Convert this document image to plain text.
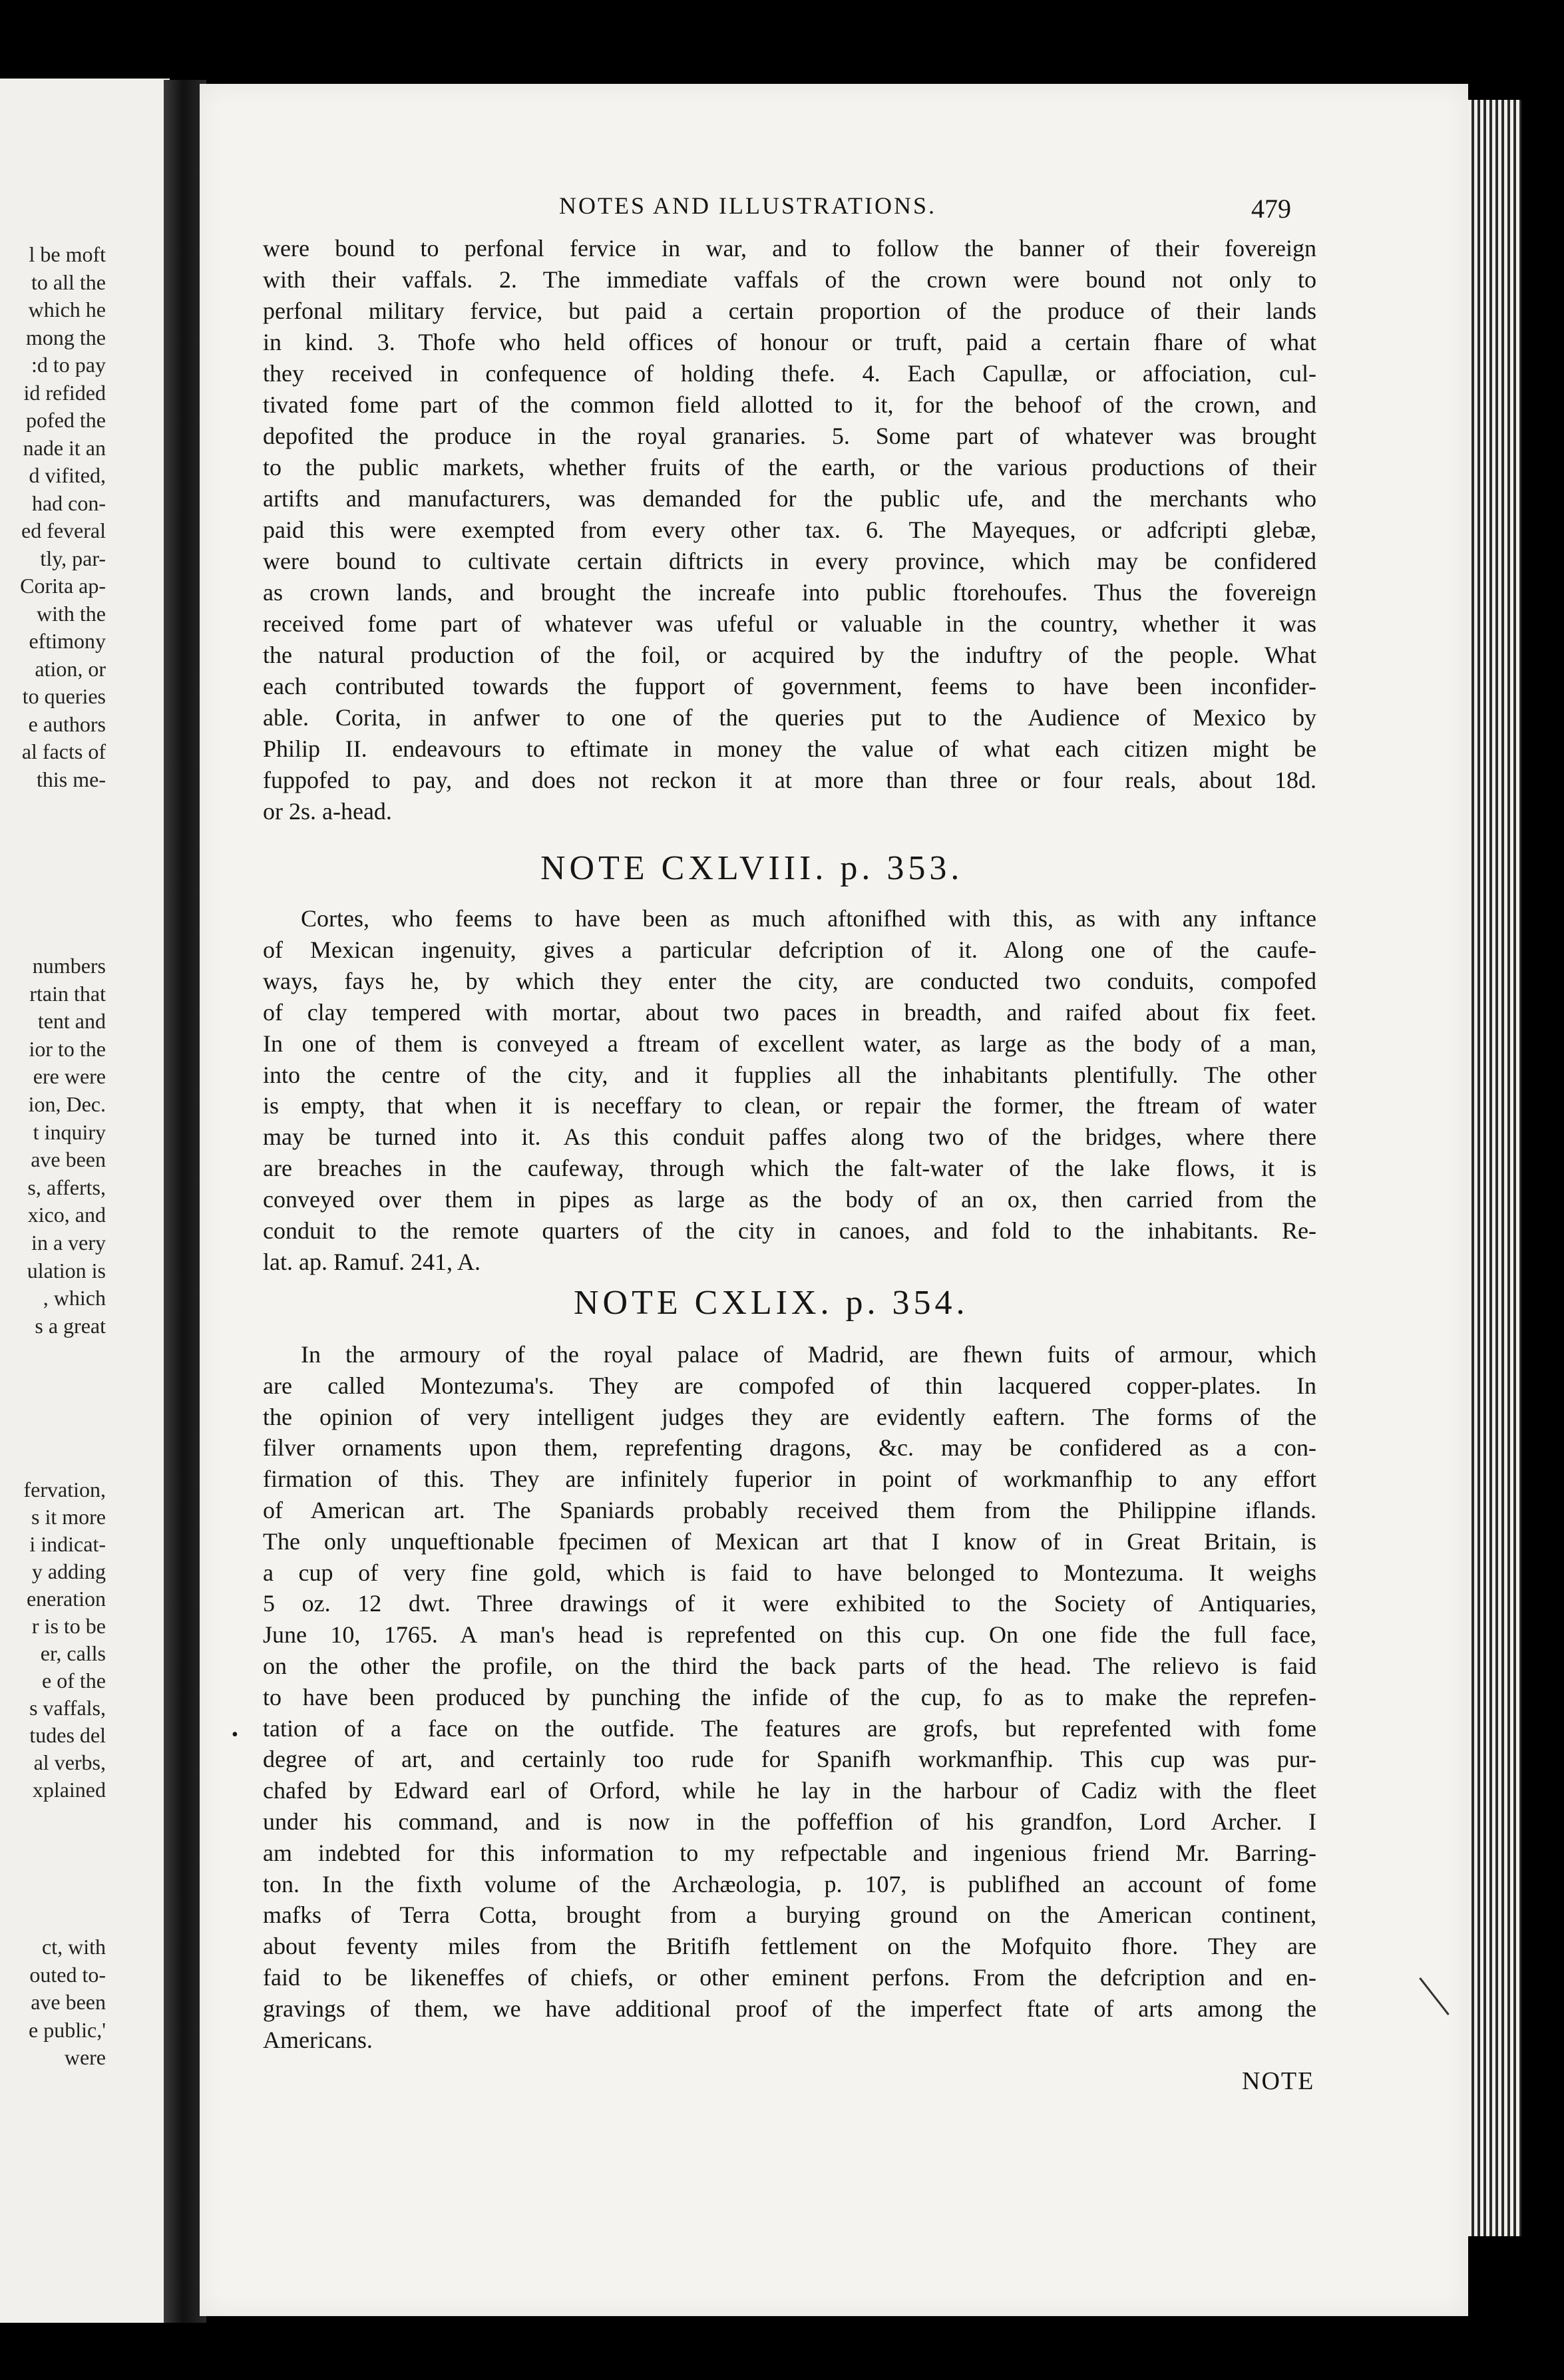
l be moft
to all the
which he
mong the
:d to pay
id refided
pofed the
nade it an
d vifited,
had con-
ed feveral
tly, par-
Corita ap-
with the
eftimony
ation, or
to queries
e authors
al facts of
this me-
numbers
rtain that
tent and
ior to the
ere were
ion, Dec.
t inquiry
ave been
s, afferts,
xico, and
in a very
ulation is
, which
s a great
fervation,
s it more
i indicat-
y adding
eneration
r is to be
er, calls
e of the
s vaffals,
tudes del
al verbs,
xplained
ct, with
outed to-
ave been
e public,'
were
NOTES AND ILLUSTRATIONS.	479
were bound to perfonal fervice in war, and to follow the banner of their fovereign
with their vaffals. 2. The immediate vaffals of the crown were bound not only to
perfonal military fervice, but paid a certain proportion of the produce of their lands
in kind. 3. Thofe who held offices of honour or truft, paid a certain fhare of what
they received in confequence of holding thefe. 4. Each Capullæ, or affociation, cul-
tivated fome part of the common field allotted to it, for the behoof of the crown, and
depofited the produce in the royal granaries. 5. Some part of whatever was brought
to the public markets, whether fruits of the earth, or the various productions of their
artifts and manufacturers, was demanded for the public ufe, and the merchants who
paid this were exempted from every other tax. 6. The Mayeques, or adfcripti glebæ,
were bound to cultivate certain diftricts in every province, which may be confidered
as crown lands, and brought the increafe into public ftorehoufes. Thus the fovereign
received fome part of whatever was ufeful or valuable in the country, whether it was
the natural production of the foil, or acquired by the induftry of the people. What
each contributed towards the fupport of government, feems to have been inconfider-
able. Corita, in anfwer to one of the queries put to the Audience of Mexico by
Philip II. endeavours to eftimate in money the value of what each citizen might be
fuppofed to pay, and does not reckon it at more than three or four reals, about 18d.
or 2s. a-head.
NOTE CXLVIII. p. 353.
Cortes, who feems to have been as much aftonifhed with this, as with any inftance
of Mexican ingenuity, gives a particular defcription of it. Along one of the caufe-
ways, fays he, by which they enter the city, are conducted two conduits, compofed
of clay tempered with mortar, about two paces in breadth, and raifed about fix feet.
In one of them is conveyed a ftream of excellent water, as large as the body of a man,
into the centre of the city, and it fupplies all the inhabitants plentifully. The other
is empty, that when it is neceffary to clean, or repair the former, the ftream of water
may be turned into it. As this conduit paffes along two of the bridges, where there
are breaches in the caufeway, through which the falt-water of the lake flows, it is
conveyed over them in pipes as large as the body of an ox, then carried from the
conduit to the remote quarters of the city in canoes, and fold to the inhabitants. Re-
lat. ap. Ramuf. 241, A.
NOTE CXLIX. p. 354.
In the armoury of the royal palace of Madrid, are fhewn fuits of armour, which
are called Montezuma's. They are compofed of thin lacquered copper-plates. In
the opinion of very intelligent judges they are evidently eaftern. The forms of the
filver ornaments upon them, reprefenting dragons, &c. may be confidered as a con-
firmation of this. They are infinitely fuperior in point of workmanfhip to any effort
of American art. The Spaniards probably received them from the Philippine iflands.
The only unqueftionable fpecimen of Mexican art that I know of in Great Britain, is
a cup of very fine gold, which is faid to have belonged to Montezuma. It weighs
5 oz. 12 dwt. Three drawings of it were exhibited to the Society of Antiquaries,
June 10, 1765. A man's head is reprefented on this cup. On one fide the full face,
on the other the profile, on the third the back parts of the head. The relievo is faid
to have been produced by punching the infide of the cup, fo as to make the reprefen-
tation of a face on the outfide. The features are grofs, but reprefented with fome
degree of art, and certainly too rude for Spanifh workmanfhip. This cup was pur-
chafed by Edward earl of Orford, while he lay in the harbour of Cadiz with the fleet
under his command, and is now in the poffeffion of his grandfon, Lord Archer. I
am indebted for this information to my refpectable and ingenious friend Mr. Barring-
ton. In the fixth volume of the Archæologia, p. 107, is publifhed an account of fome
mafks of Terra Cotta, brought from a burying ground on the American continent,
about feventy miles from the Britifh fettlement on the Mofquito fhore. They are
faid to be likeneffes of chiefs, or other eminent perfons. From the defcription and en-
gravings of them, we have additional proof of the imperfect ftate of arts among the
Americans.
•
NOTE
